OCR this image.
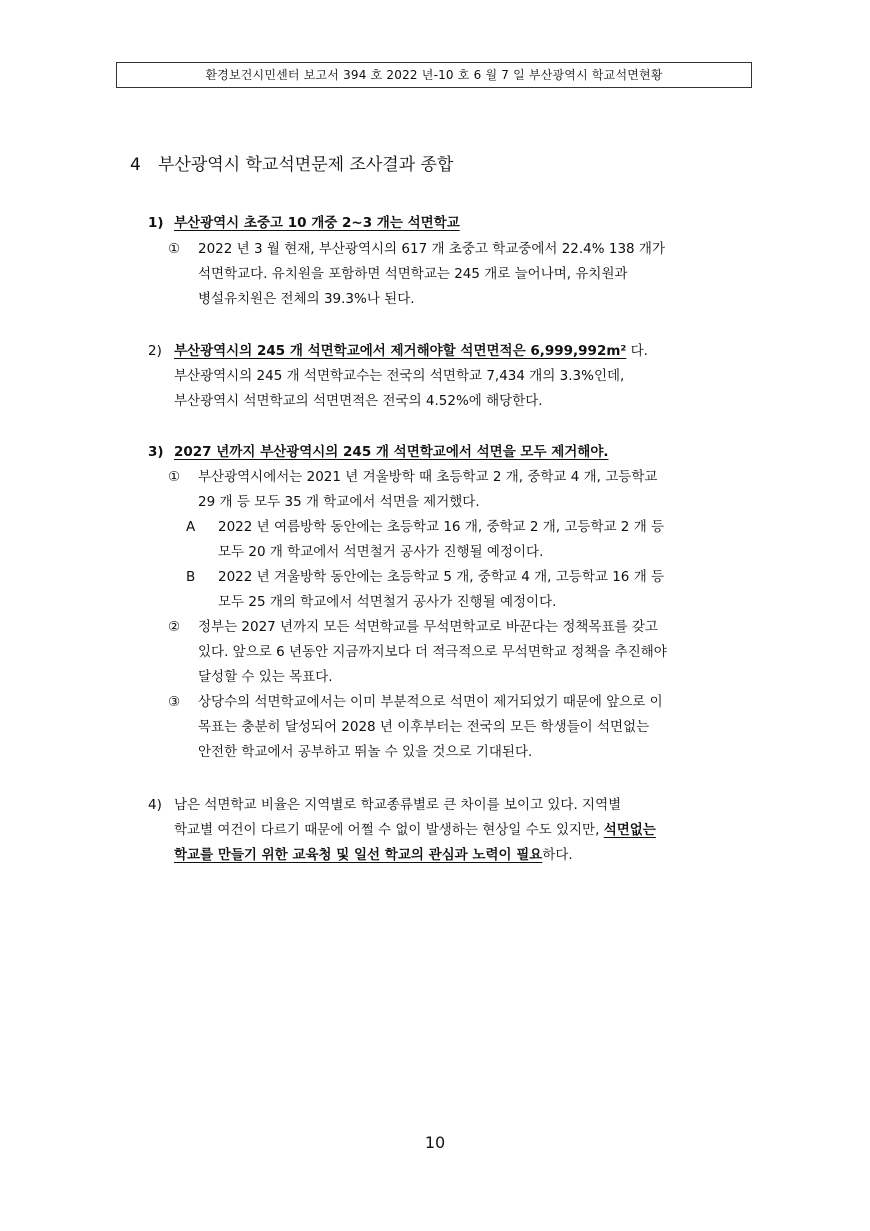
환경보건시민센터 보고서 394 호 2022 년-10 호 6 월 7 일 부산광역시 학교석면현황
4 부산광역시 학교석면문제 조사결과 종합
1) 부산광역시 초중고 10 개중 2~3 개는 석면학교
① 2022 년 3 월 현재, 부산광역시의 617 개 초중고 학교중에서 22.4% 138 개가
석면학교다. 유치원을 포함하면 석면학교는 245 개로 늘어나며, 유치원과
병설유치원은 전체의 39.3%나 된다.
2) 부산광역시의 245 개 석면학교에서 제거해야할 석면면적은 6,999,992m² 다.
부산광역시의 245 개 석면학교수는 전국의 석면학교 7,434 개의 3.3%인데,
부산광역시 석면학교의 석면면적은 전국의 4.52%에 해당한다.
3) 2027 년까지 부산광역시의 245 개 석면학교에서 석면을 모두 제거해야.
① 부산광역시에서는 2021 년 겨울방학 때 초등학교 2 개, 중학교 4 개, 고등학교
29 개 등 모두 35 개 학교에서 석면을 제거했다.
A 2022 년 여름방학 동안에는 초등학교 16 개, 중학교 2 개, 고등학교 2 개 등
모두 20 개 학교에서 석면철거 공사가 진행될 예정이다.
B 2022 년 겨울방학 동안에는 초등학교 5 개, 중학교 4 개, 고등학교 16 개 등
모두 25 개의 학교에서 석면철거 공사가 진행될 예정이다.
② 정부는 2027 년까지 모든 석면학교를 무석면학교로 바꾼다는 정책목표를 갖고
있다. 앞으로 6 년동안 지금까지보다 더 적극적으로 무석면학교 정책을 추진해야
달성할 수 있는 목표다.
③ 상당수의 석면학교에서는 이미 부분적으로 석면이 제거되었기 때문에 앞으로 이
목표는 충분히 달성되어 2028 년 이후부터는 전국의 모든 학생들이 석면없는
안전한 학교에서 공부하고 뛰놀 수 있을 것으로 기대된다.
4) 남은 석면학교 비율은 지역별로 학교종류별로 큰 차이를 보이고 있다. 지역별
학교별 여건이 다르기 때문에 어쩔 수 없이 발생하는 현상일 수도 있지만, 석면없는
학교를 만들기 위한 교육청 및 일선 학교의 관심과 노력이 필요하다.
10
